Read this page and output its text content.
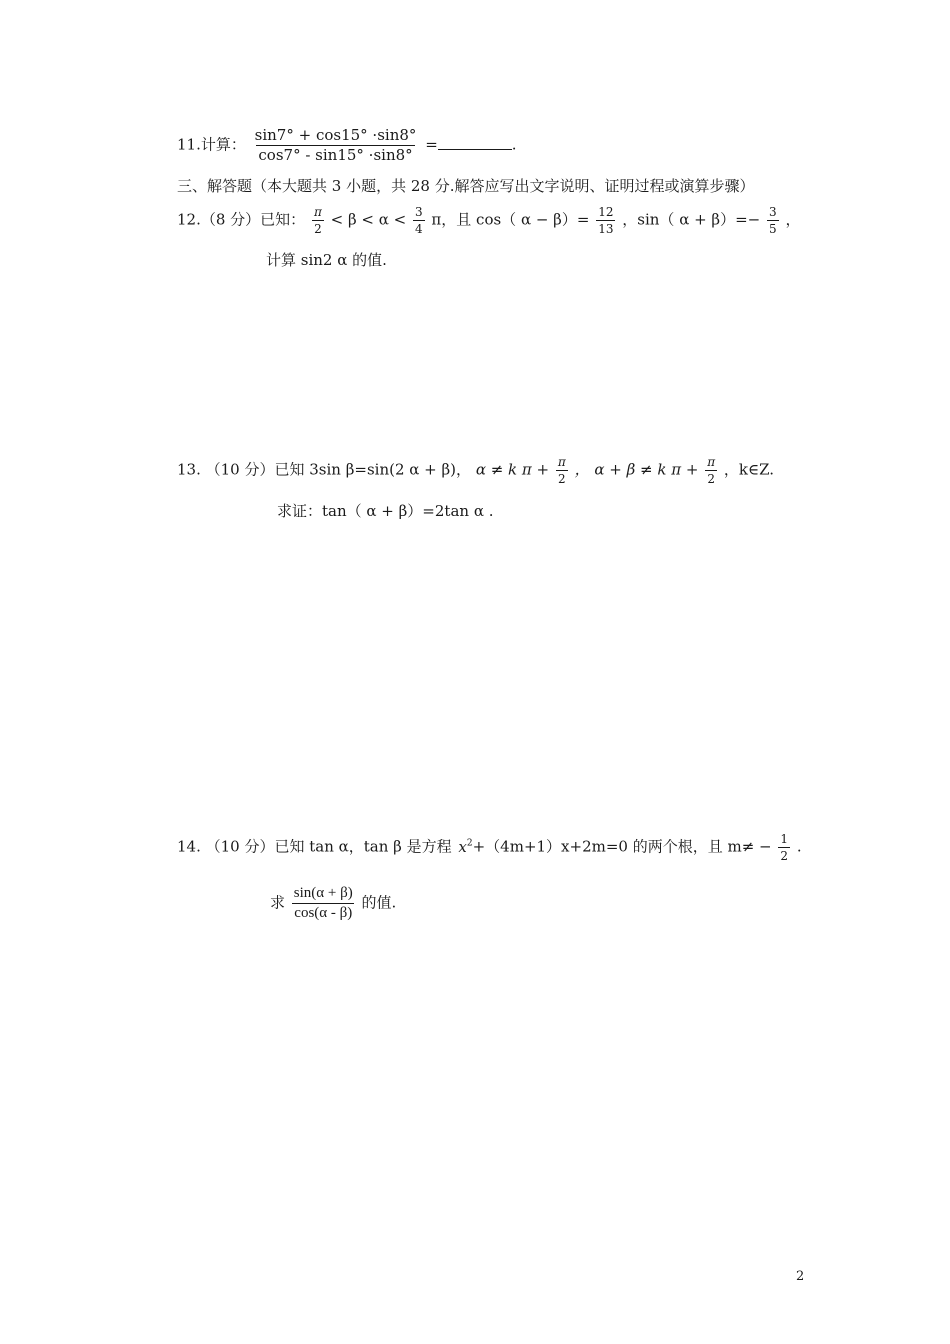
11.计算： $\frac{\sin 7^\circ + \cos 15^\circ \cdot\sin 8^\circ}{\cos 7^\circ - \sin 15^\circ \cdot\sin 8^\circ}$ =	.
三、解答题（本大题共 3 小题，共 28 分.解答应写出文字说明、证明过程或演算步骤）
12.（8 分）已知： $\frac{\pi}{2} < \beta < \alpha < \frac{3}{4}$ π，且 cos（ $\alpha - \beta)= \frac{12}{13}$ ，sin（ $\alpha + \beta)=- \frac{3}{5}$ ，
计算 sin2 α 的值.
13. （10 分）已知 3sin β=sin(2 α + β)， α ≠ k $\pi + \frac{\pi}{2}$ ， α + β ≠ k $\pi + \frac{\pi}{2}$ ，k∈Z.
求证：tan（ α + β）=2tan α .
14. （10 分）已知 tan α，tan β 是方程 $x^2+(4m+1)x+2m=0$ 的两个根，且 $m\ne - \frac{1}{2}$ .
求 $\frac{\sin(\alpha + \beta)}{\cos(\alpha - \beta)}$ 的值.
2
